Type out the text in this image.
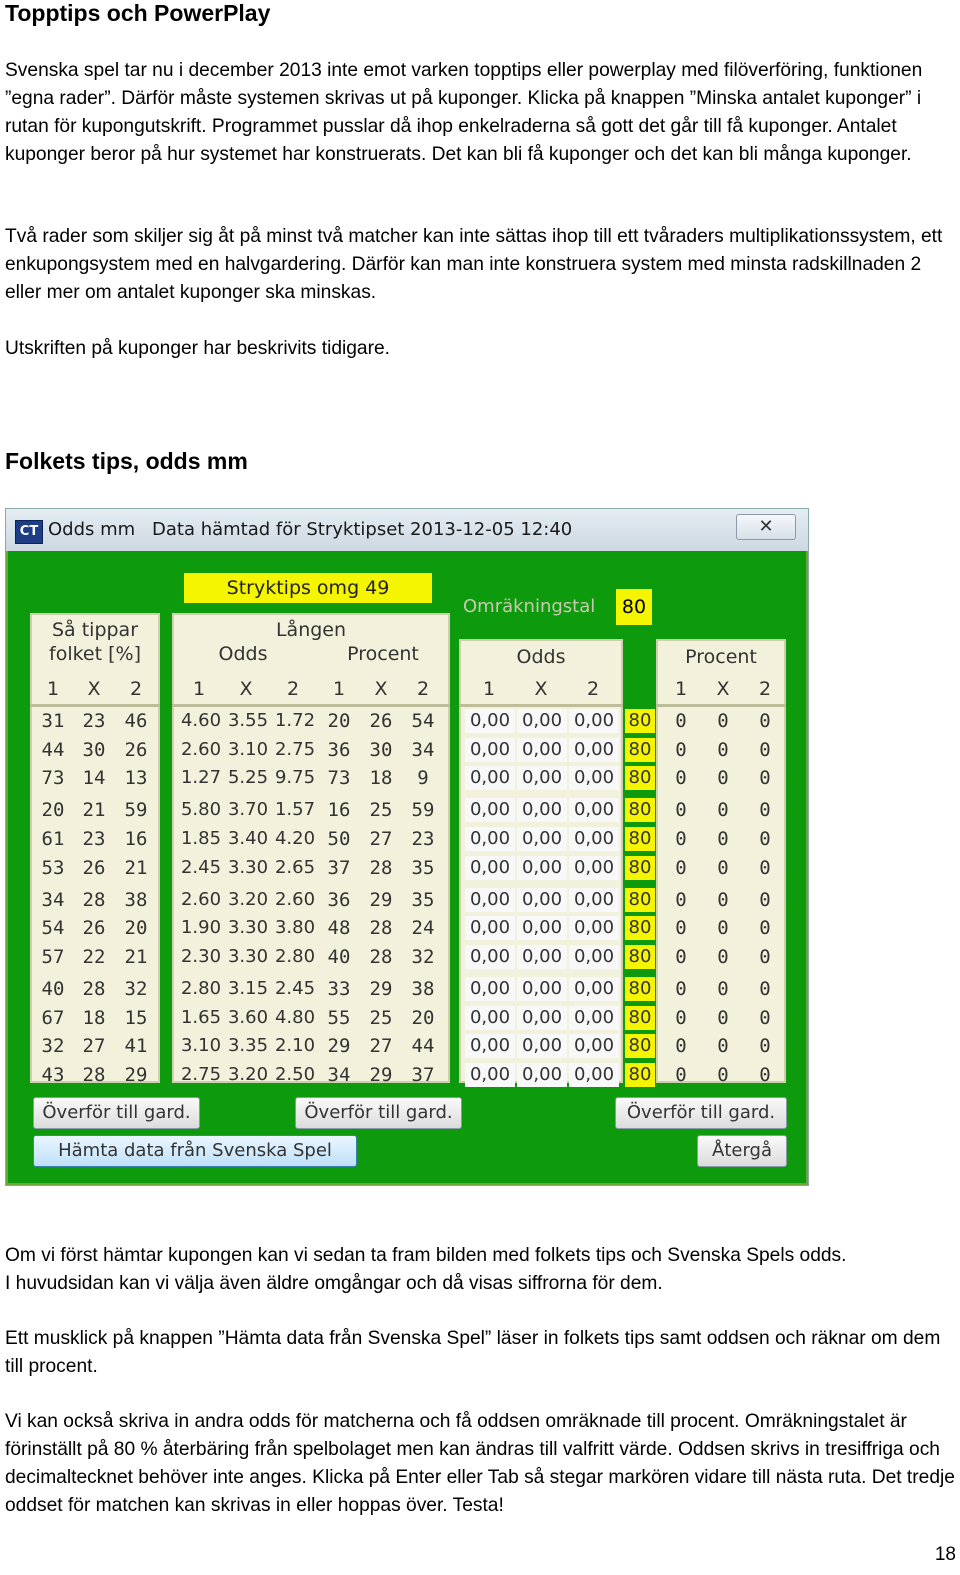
Topptips och PowerPlay

Svenska spel tar nu i december 2013 inte emot varken topptips eller powerplay med filöverföring, funktionen ”egna rader”. Därför måste systemen skrivas ut på kuponger. Klicka på knappen ”Minska antalet kuponger” i rutan för kupongutskrift. Programmet pusslar då ihop enkelraderna så gott det går till få kuponger. Antalet kuponger beror på hur systemet har konstruerats. Det kan bli få kuponger och det kan bli många kuponger.

Två rader som skiljer sig åt på minst två matcher kan inte sättas ihop till ett tvåraders multiplikationssystem, ett enkupongsystem med en halvgardering. Därför kan man inte konstruera system med minsta radskillnaden 2 eller mer om antalet kuponger ska minskas.

Utskriften på kuponger har beskrivits tidigare.

Folkets tips, odds mm
CT Odds mm Data hämtad för Stryktipset 2013-12-05 12:40	✕
Stryktips omg 49
Omräkningstal	80
Så tippar
folket [%]
Lången
Odds	Procent	Odds	Procent
1	X	2	1	X	2	1	X	2	1	X	2	1	X	2
31 23	46	4.60 3.55 1.72 20	26	54	0,00 0,00 0,00 80	0	0	0
44 30	26	2.60 3.10 2.75 36	30	34	0,00 0,00 0,00 80	0	0	0
73 14	13	1.27 5.25 9.75 73	18	9	0,00 0,00 0,00 80	0	0	0
20 21	59	5.80 3.70 1.57 16	25	59	0,00 0,00 0,00 80	0	0	0
61 23	16	1.85 3.40 4.20 50	27	23	0,00 0,00 0,00 80	0	0	0
53 26	21	2.45 3.30 2.65 37	28	35	0,00 0,00 0,00 80	0	0	0
34 28	38	2.60 3.20 2.60 36	29	35	0,00 0,00 0,00 80	0	0	0
54 26	20	1.90 3.30 3.80 48	28	24	0,00 0,00 0,00 80	0	0	0
57 22	21	2.30 3.30 2.80 40	28	32	0,00 0,00 0,00 80	0	0	0
40 28	32	2.80 3.15 2.45 33	29	38	0,00 0,00 0,00 80	0	0	0
67 18	15	1.65 3.60 4.80 55	25	20	0,00 0,00 0,00 80	0	0	0
32 27	41	3.10 3.35 2.10 29	27	44	0,00 0,00 0,00 80	0	0	0
43 28	29	2.75 3.20 2.50 34	29	37	0,00 0,00 0,00 80	0	0	0
Överför till gard.	Överför till gard.	Överför till gard.
Hämta data från Svenska Spel	Återgå

Om vi först hämtar kupongen kan vi sedan ta fram bilden med folkets tips och Svenska Spels odds.

I huvudsidan kan vi välja även äldre omgångar och då visas siffrorna för dem.

Ett musklick på knappen ”Hämta data från Svenska Spel” läser in folkets tips samt oddsen och räknar om dem till procent.

Vi kan också skriva in andra odds för matcherna och få oddsen omräknade till procent. Omräkningstalet är förinställt på 80 % återbäring från spelbolaget men kan ändras till valfritt värde. Oddsen skrivs in tresiffriga och decimaltecknet behöver inte anges. Klicka på Enter eller Tab så stegar markören vidare till nästa ruta. Det tredje oddset för matchen kan skrivas in eller hoppas över. Testa!

18
